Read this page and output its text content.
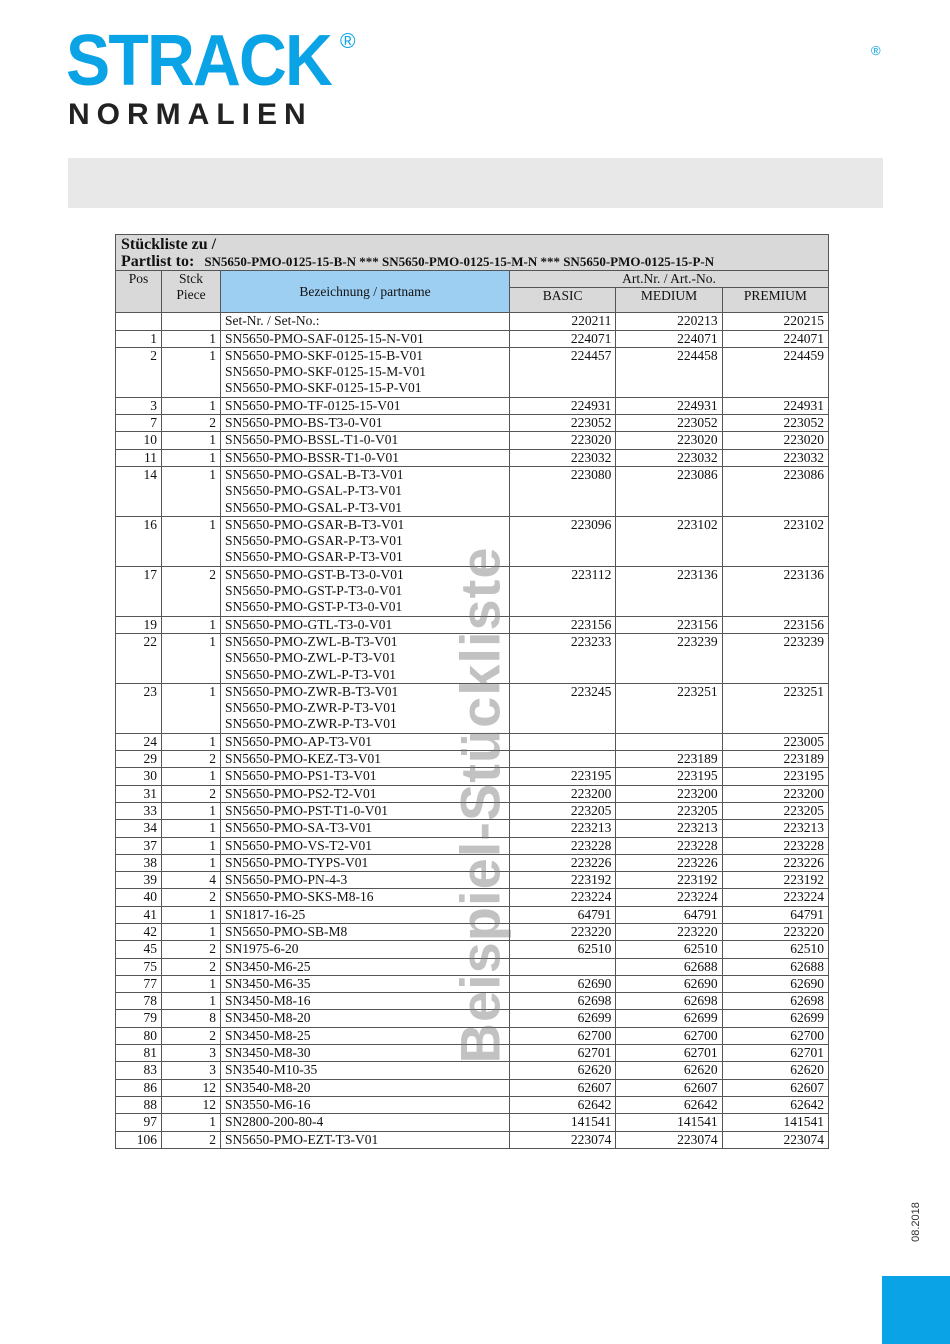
STRACK ®
NORMALIEN
®
Stückliste zu /
Partlist to: SN5650-PMO-0125-15-B-N *** SN5650-PMO-0125-15-M-N *** SN5650-PMO-0125-15-P-N
Pos	Stck
Piece	Bezeichnung / partname	Art.Nr. / Art.-No.		
			BASIC	MEDIUM	PREMIUM

		Set-Nr. / Set-No.:	220211	220213	220215
1	1	SN5650-PMO-SAF-0125-15-N-V01	224071	224071	224071
2	1	SN5650-PMO-SKF-0125-15-B-V01
SN5650-PMO-SKF-0125-15-M-V01
SN5650-PMO-SKF-0125-15-P-V01	224457	224458	224459
3	1	SN5650-PMO-TF-0125-15-V01	224931	224931	224931
7	2	SN5650-PMO-BS-T3-0-V01	223052	223052	223052
10	1	SN5650-PMO-BSSL-T1-0-V01	223020	223020	223020
11	1	SN5650-PMO-BSSR-T1-0-V01	223032	223032	223032
14	1	SN5650-PMO-GSAL-B-T3-V01
SN5650-PMO-GSAL-P-T3-V01
SN5650-PMO-GSAL-P-T3-V01	223080	223086	223086
16	1	SN5650-PMO-GSAR-B-T3-V01
SN5650-PMO-GSAR-P-T3-V01
SN5650-PMO-GSAR-P-T3-V01	223096	223102	223102
17	2	SN5650-PMO-GST-B-T3-0-V01
SN5650-PMO-GST-P-T3-0-V01
SN5650-PMO-GST-P-T3-0-V01	223112	223136	223136
19	1	SN5650-PMO-GTL-T3-0-V01	223156	223156	223156
22	1	SN5650-PMO-ZWL-B-T3-V01
SN5650-PMO-ZWL-P-T3-V01
SN5650-PMO-ZWL-P-T3-V01	223233	223239	223239
23	1	SN5650-PMO-ZWR-B-T3-V01
SN5650-PMO-ZWR-P-T3-V01
SN5650-PMO-ZWR-P-T3-V01	223245	223251	223251
24	1	SN5650-PMO-AP-T3-V01			223005
29	2	SN5650-PMO-KEZ-T3-V01		223189	223189
30	1	SN5650-PMO-PS1-T3-V01	223195	223195	223195
31	2	SN5650-PMO-PS2-T2-V01	223200	223200	223200
33	1	SN5650-PMO-PST-T1-0-V01	223205	223205	223205
34	1	SN5650-PMO-SA-T3-V01	223213	223213	223213
37	1	SN5650-PMO-VS-T2-V01	223228	223228	223228
38	1	SN5650-PMO-TYPS-V01	223226	223226	223226
39	4	SN5650-PMO-PN-4-3	223192	223192	223192
40	2	SN5650-PMO-SKS-M8-16	223224	223224	223224
41	1	SN1817-16-25	64791	64791	64791
42	1	SN5650-PMO-SB-M8	223220	223220	223220
45	2	SN1975-6-20	62510	62510	62510
75	2	SN3450-M6-25		62688	62688
77	1	SN3450-M6-35	62690	62690	62690
78	1	SN3450-M8-16	62698	62698	62698
79	8	SN3450-M8-20	62699	62699	62699
80	2	SN3450-M8-25	62700	62700	62700
81	3	SN3450-M8-30	62701	62701	62701
83	3	SN3540-M10-35	62620	62620	62620
86	12	SN3540-M8-20	62607	62607	62607
88	12	SN3550-M6-16	62642	62642	62642
97	1	SN2800-200-80-4	141541	141541	141541
106	2	SN5650-PMO-EZT-T3-V01	223074	223074	223074
Beispiel-Stückliste
08.2018
